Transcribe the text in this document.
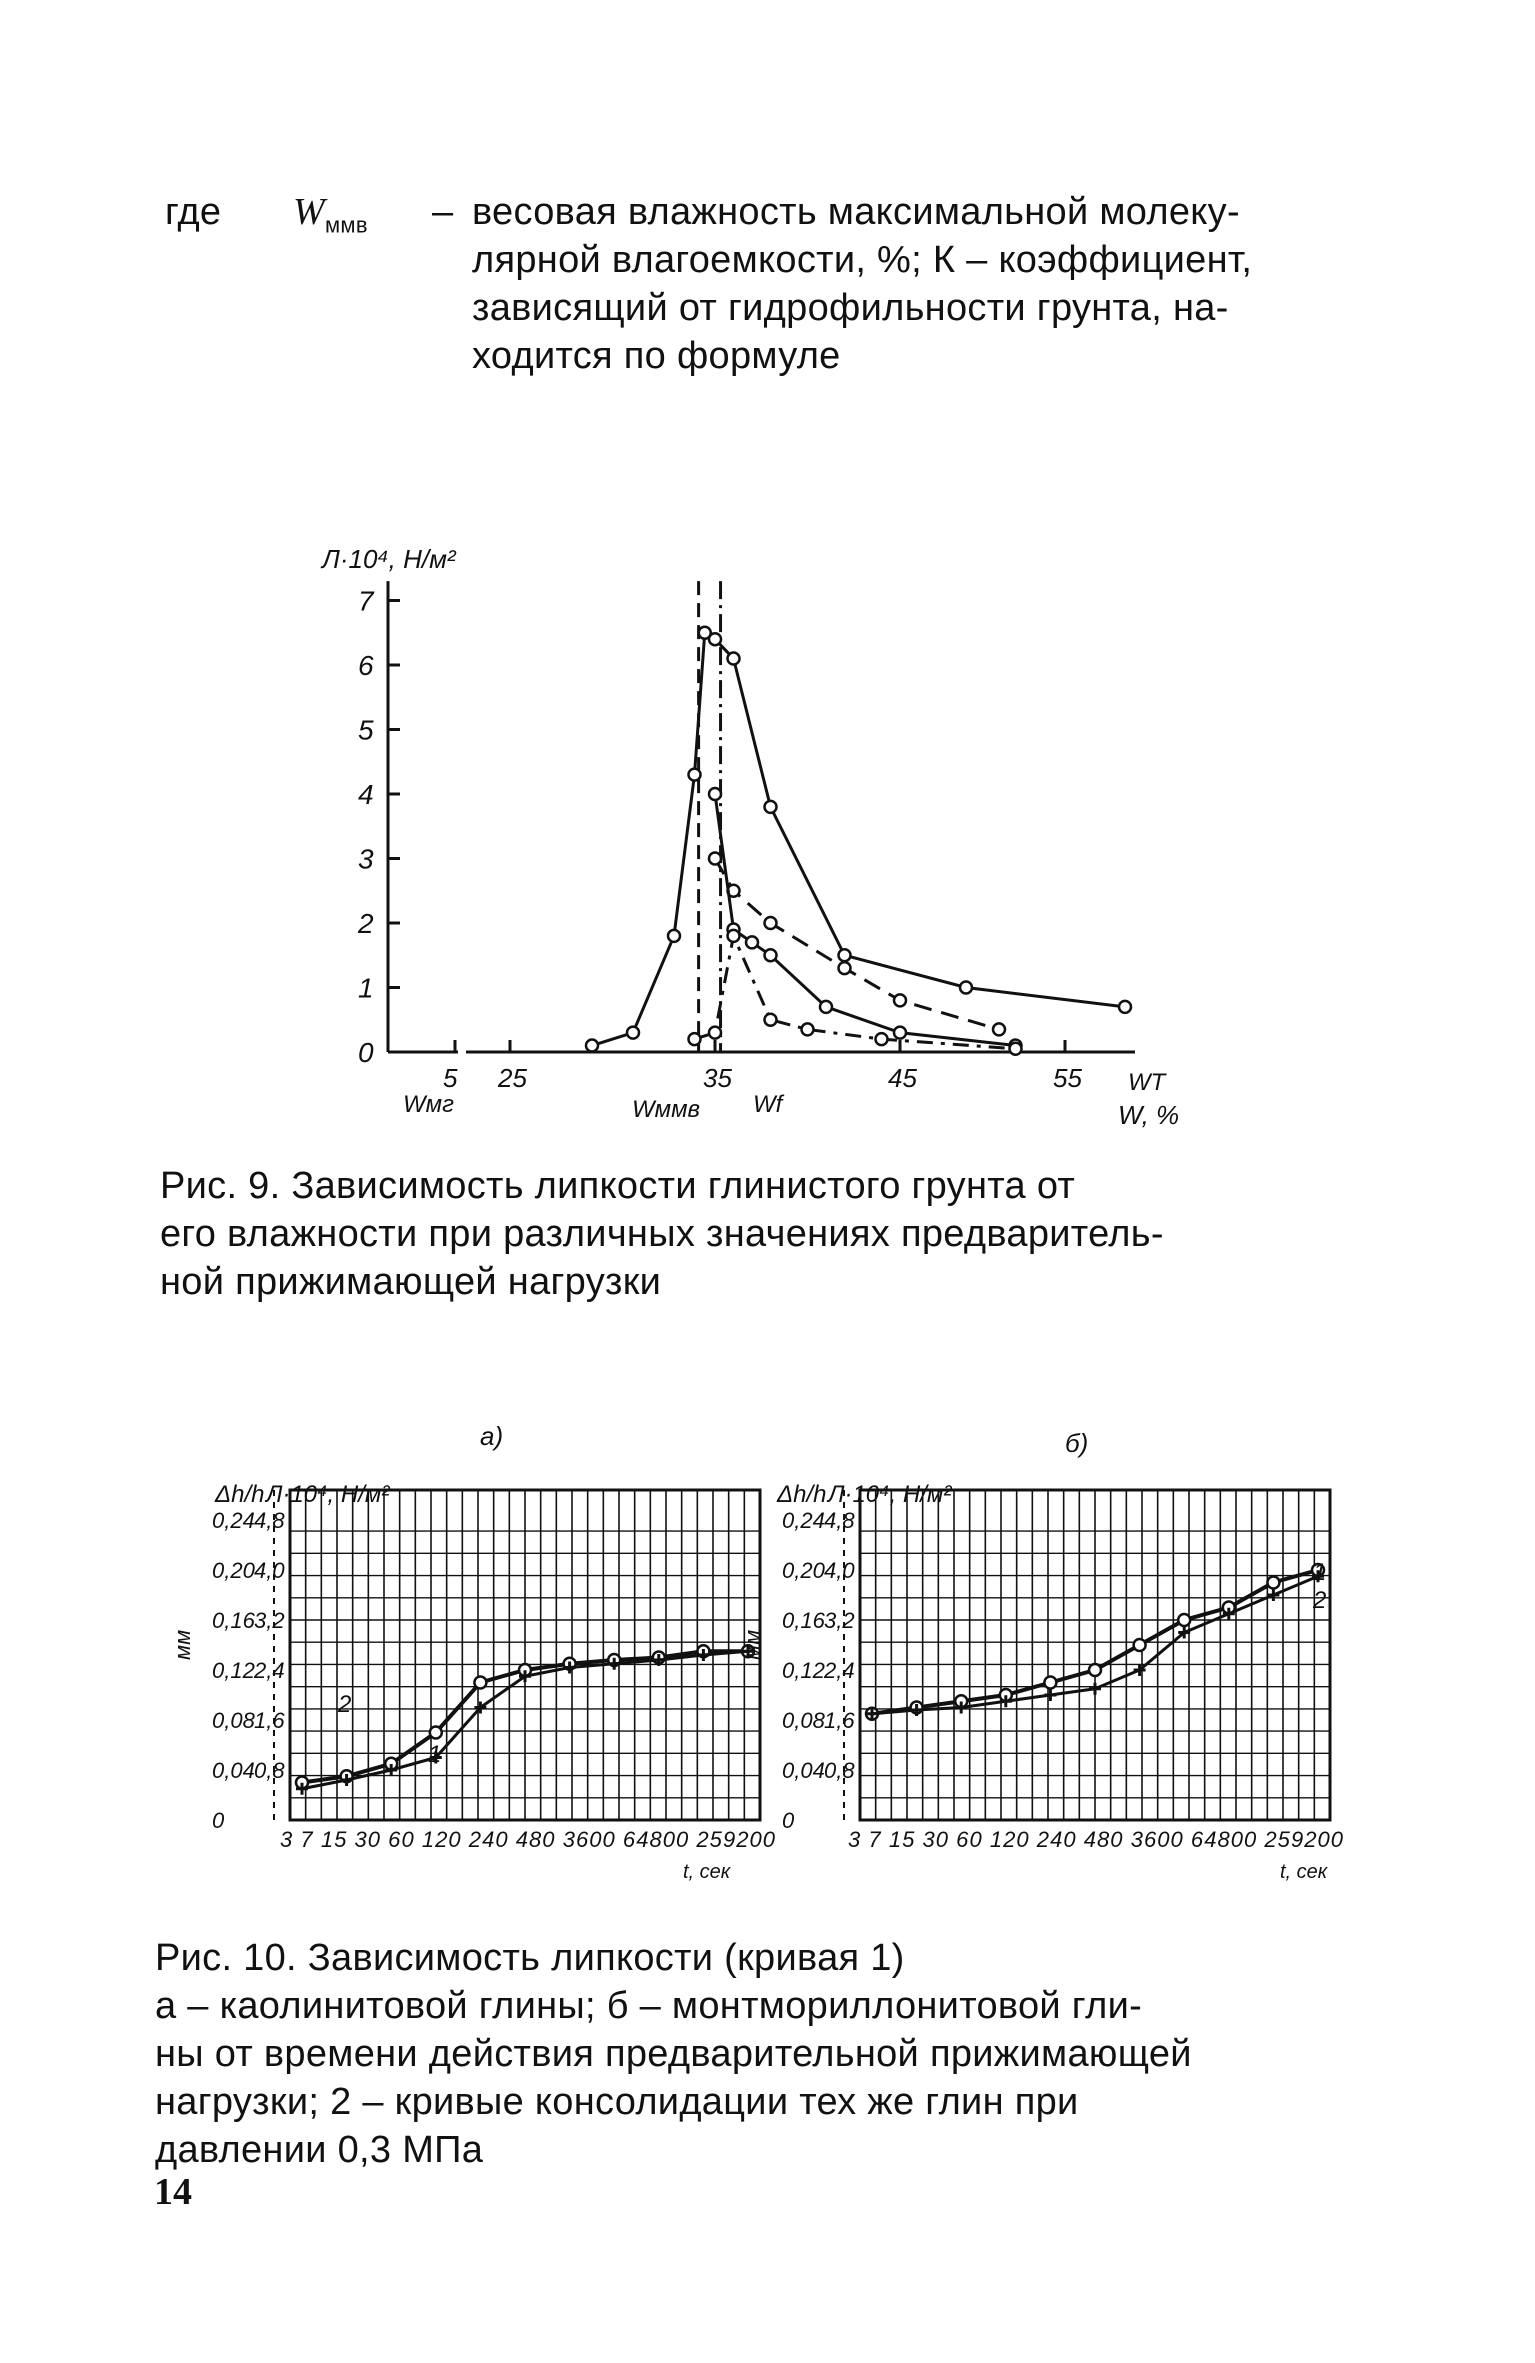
где $W_{ммв}$ – весовая влажность максимальной молеку-
лярной влагоемкости, %; К – коэффициент,
зависящий от гидрофильности грунта, на-
ходится по формуле
0
1
2
3
4
5
6
7
5 25	35	45	55
Л·10⁴, Н/м²
Wмг	Wммв Wf
WT
W, %
Рис. 9. Зависимость липкости глинистого грунта от
его влажности при различных значениях предваритель-
ной прижимающей нагрузки
0
0,04
0,08
0,12
0,16
0,20
0,24
0,8
1,6
2,4
3,2
4,0
4,8
0
0,04
0,08
0,12
0,16
0,20
0,24
0,8
1,6
2,4
3,2
4,0
4,8
а)	б)
Δh/h Л·10⁴, Н/м²	Δh/h Л·10⁴, Н/м²
мм	мм
3 7 15 30 60 120 240 480 3600 64800 259200	3 7 15 30 60 120 240 480 3600 64800 259200
t, сек	t, сек
2
1
1
2
Рис. 10. Зависимость липкости (кривая 1)
а – каолинитовой глины; б – монтмориллонитовой гли-
ны от времени действия предварительной прижимающей
нагрузки; 2 – кривые консолидации тех же глин при
давлении 0,3 МПа
14
